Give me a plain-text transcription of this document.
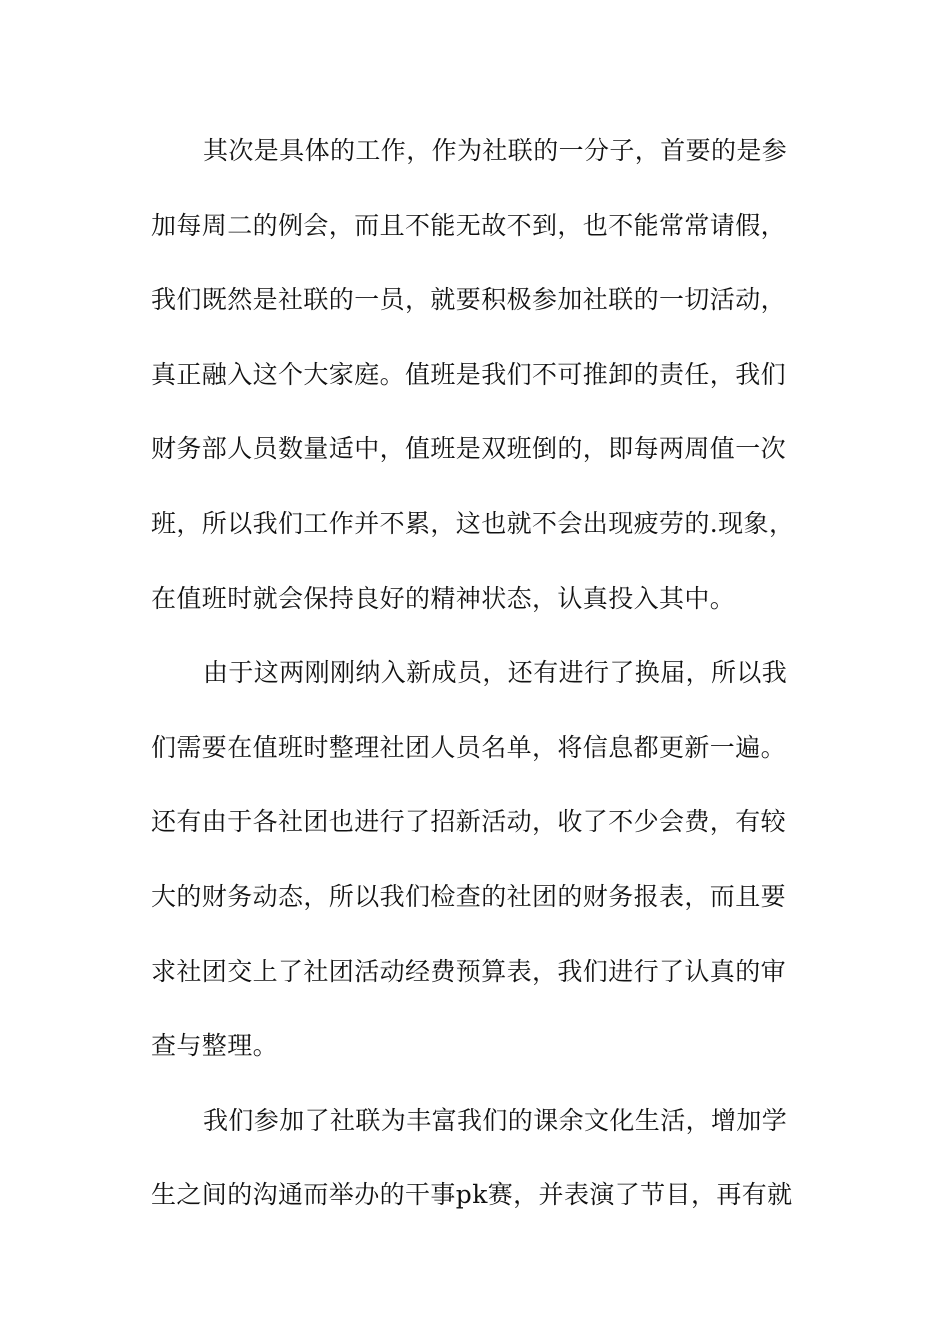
其次是具体的工作，作为社联的一分子，首要的是参
加每周二的例会，而且不能无故不到，也不能常常请假，
我们既然是社联的一员，就要积极参加社联的一切活动，
真正融入这个大家庭。值班是我们不可推卸的责任，我们
财务部人员数量适中，值班是双班倒的，即每两周值一次
班，所以我们工作并不累，这也就不会出现疲劳的.现象，
在值班时就会保持良好的精神状态，认真投入其中。
由于这两刚刚纳入新成员，还有进行了换届，所以我
们需要在值班时整理社团人员名单，将信息都更新一遍。
还有由于各社团也进行了招新活动，收了不少会费，有较
大的财务动态，所以我们检查的社团的财务报表，而且要
求社团交上了社团活动经费预算表，我们进行了认真的审
查与整理。
我们参加了社联为丰富我们的课余文化生活，增加学
生之间的沟通而举办的干事pk赛，并表演了节目，再有就
